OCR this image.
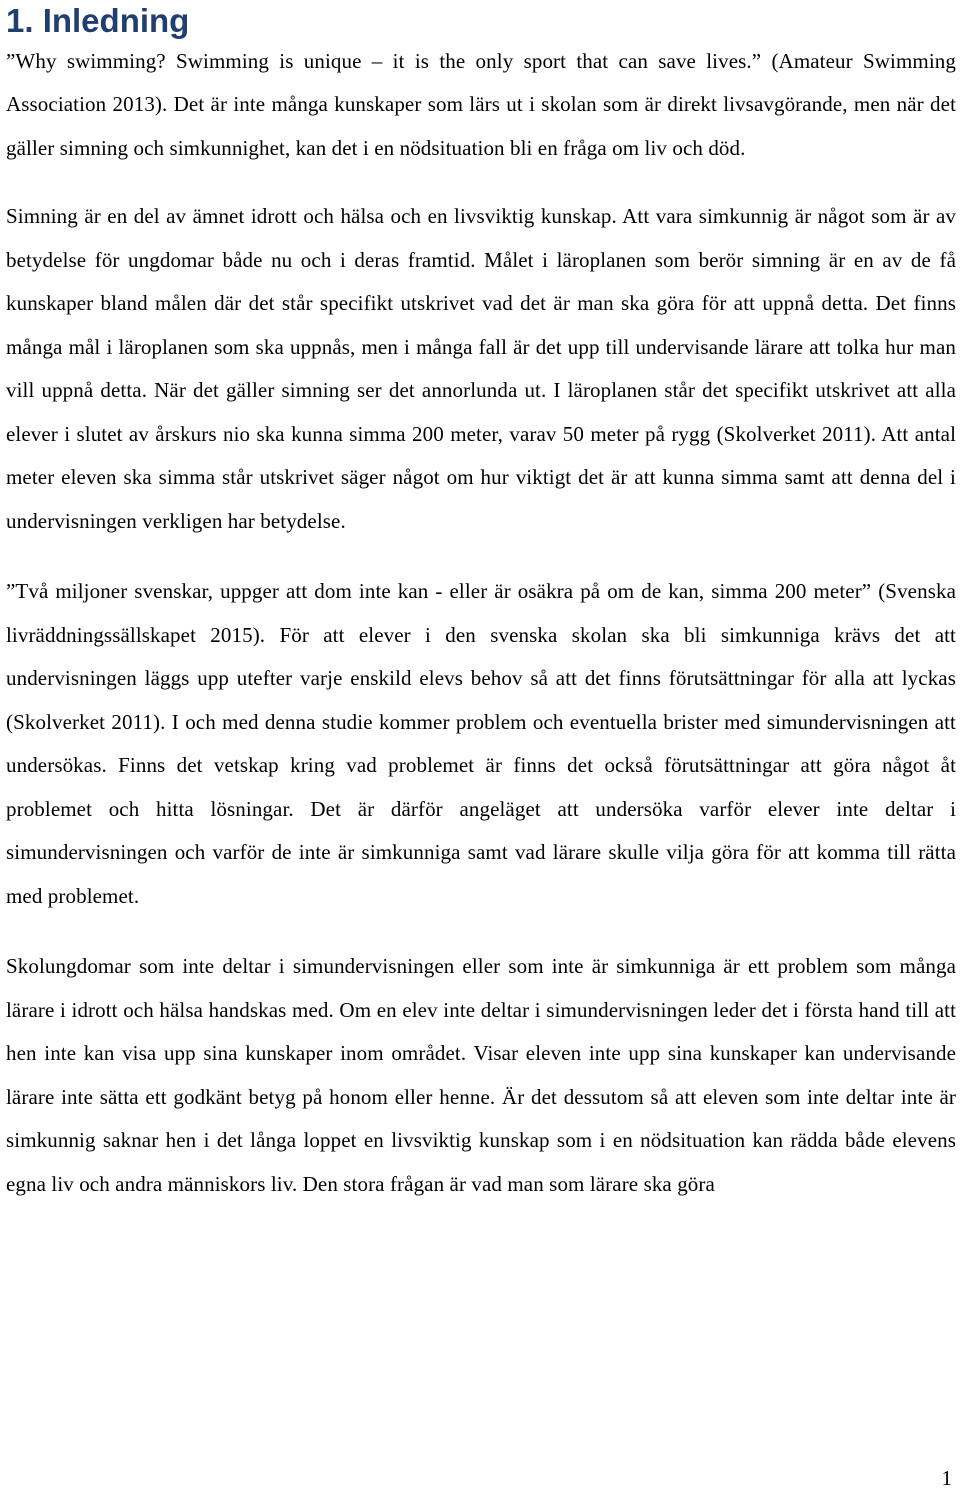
1. Inledning

”Why swimming? Swimming is unique – it is the only sport that can save lives.” (Amateur Swimming Association 2013). Det är inte många kunskaper som lärs ut i skolan som är direkt livsavgörande, men när det gäller simning och simkunnighet, kan det i en nödsituation bli en fråga om liv och död.

Simning är en del av ämnet idrott och hälsa och en livsviktig kunskap. Att vara simkunnig är något som är av betydelse för ungdomar både nu och i deras framtid. Målet i läroplanen som berör simning är en av de få kunskaper bland målen där det står specifikt utskrivet vad det är man ska göra för att uppnå detta. Det finns många mål i läroplanen som ska uppnås, men i många fall är det upp till undervisande lärare att tolka hur man vill uppnå detta. När det gäller simning ser det annorlunda ut. I läroplanen står det specifikt utskrivet att alla elever i slutet av årskurs nio ska kunna simma 200 meter, varav 50 meter på rygg (Skolverket 2011). Att antal meter eleven ska simma står utskrivet säger något om hur viktigt det är att kunna simma samt att denna del i undervisningen verkligen har betydelse.

”Två miljoner svenskar, uppger att dom inte kan - eller är osäkra på om de kan, simma 200 meter” (Svenska livräddningssällskapet 2015). För att elever i den svenska skolan ska bli simkunniga krävs det att undervisningen läggs upp utefter varje enskild elevs behov så att det finns förutsättningar för alla att lyckas (Skolverket 2011). I och med denna studie kommer problem och eventuella brister med simundervisningen att undersökas. Finns det vetskap kring vad problemet är finns det också förutsättningar att göra något åt problemet och hitta lösningar. Det är därför angeläget att undersöka varför elever inte deltar i simundervisningen och varför de inte är simkunniga samt vad lärare skulle vilja göra för att komma till rätta med problemet.

Skolungdomar som inte deltar i simundervisningen eller som inte är simkunniga är ett problem som många lärare i idrott och hälsa handskas med. Om en elev inte deltar i simundervisningen leder det i första hand till att hen inte kan visa upp sina kunskaper inom området. Visar eleven inte upp sina kunskaper kan undervisande lärare inte sätta ett godkänt betyg på honom eller henne. Är det dessutom så att eleven som inte deltar inte är simkunnig saknar hen i det långa loppet en livsviktig kunskap som i en nödsituation kan rädda både elevens egna liv och andra människors liv. Den stora frågan är vad man som lärare ska göra

1
